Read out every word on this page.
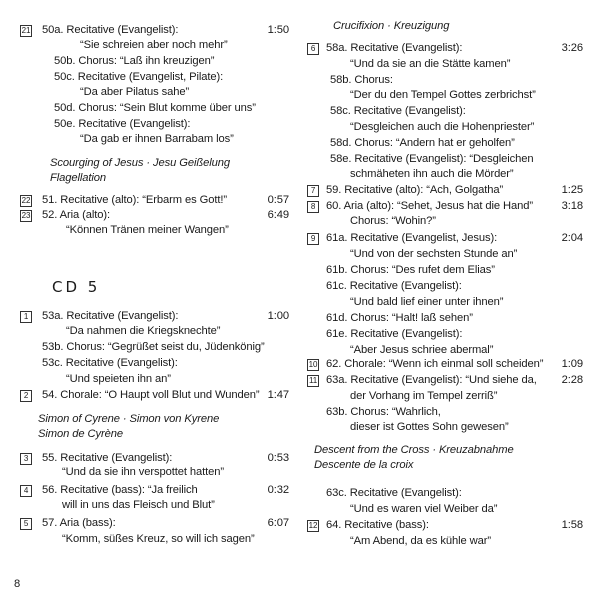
21 50a. Recitative (Evangelist):	1:50
“Sie schreien aber noch mehr”
50b. Chorus: “Laß ihn kreuzigen”
50c. Recitative (Evangelist, Pilate):
“Da aber Pilatus sahe”
50d. Chorus: “Sein Blut komme über uns”
50e. Recitative (Evangelist):
“Da gab er ihnen Barrabam los”
Scourging of Jesus · Jesu Geißelung
Flagellation
22 51. Recitative (alto): “Erbarm es Gott!”	0:57
23 52. Aria (alto):	6:49
“Können Tränen meiner Wangen”
CD 5
1	53a. Recitative (Evangelist):	1:00
“Da nahmen die Kriegsknechte”
53b. Chorus: “Gegrüßet seist du, Jüdenkönig”
53c. Recitative (Evangelist):
“Und speieten ihn an”
2	54. Chorale: “O Haupt voll Blut und Wunden” 1:47
Simon of Cyrene · Simon von Kyrene
Simon de Cyrène
3	55. Recitative (Evangelist):	0:53
“Und da sie ihn verspottet hatten”
4	56. Recitative (bass): “Ja freilich	0:32
will in uns das Fleisch und Blut”
5	57. Aria (bass):	6:07
“Komm, süßes Kreuz, so will ich sagen”
Crucifixion · Kreuzigung
6 58a. Recitative (Evangelist):	3:26
“Und da sie an die Stätte kamen”
58b. Chorus:
“Der du den Tempel Gottes zerbrichst”
58c. Recitative (Evangelist):
“Desgleichen auch die Hohenpriester”
58d. Chorus: “Andern hat er geholfen”
58e. Recitative (Evangelist): “Desgleichen
schmäheten ihn auch die Mörder”
7 59. Recitative (alto): “Ach, Golgatha”	1:25
8 60. Aria (alto): “Sehet, Jesus hat die Hand”	3:18
Chorus: “Wohin?”
9 61a. Recitative (Evangelist, Jesus):	2:04
“Und von der sechsten Stunde an”
61b. Chorus: “Des rufet dem Elias”
61c. Recitative (Evangelist):
“Und bald lief einer unter ihnen”
61d. Chorus: “Halt! laß sehen”
61e. Recitative (Evangelist):
“Aber Jesus schriee abermal”
10 62. Chorale: “Wenn ich einmal soll scheiden”	1:09
11 63a. Recitative (Evangelist): “Und siehe da,	2:28
der Vorhang im Tempel zerriß”
63b. Chorus: “Wahrlich,
dieser ist Gottes Sohn gewesen”
Descent from the Cross · Kreuzabnahme
Descente de la croix
63c. Recitative (Evangelist):
“Und es waren viel Weiber da”
12 64. Recitative (bass):	1:58
“Am Abend, da es kühle war”
8
